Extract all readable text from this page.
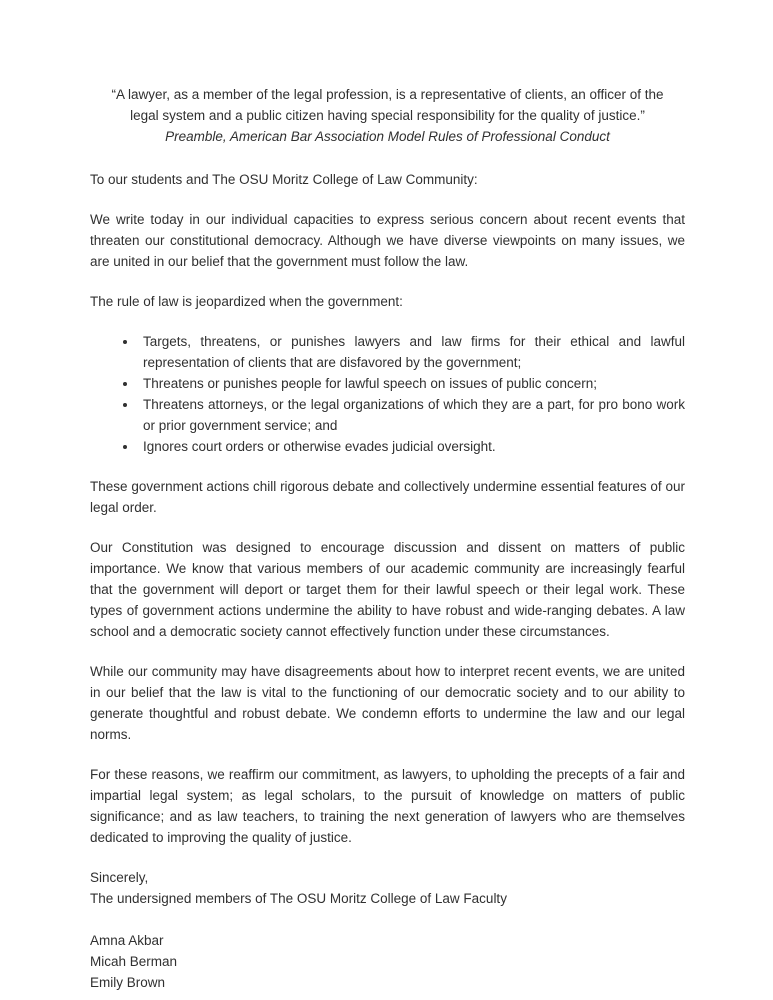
“A lawyer, as a member of the legal profession, is a representative of clients, an officer of the
legal system and a public citizen having special responsibility for the quality of justice.”
Preamble, American Bar Association Model Rules of Professional Conduct

To our students and The OSU Moritz College of Law Community:

We write today in our individual capacities to express serious concern about recent events that threaten our constitutional democracy. Although we have diverse viewpoints on many issues, we are united in our belief that the government must follow the law.

The rule of law is jeopardized when the government:

• Targets, threatens, or punishes lawyers and law firms for their ethical and lawful representation of clients that are disfavored by the government;
• Threatens or punishes people for lawful speech on issues of public concern;
• Threatens attorneys, or the legal organizations of which they are a part, for pro bono work or prior government service; and
• Ignores court orders or otherwise evades judicial oversight.

These government actions chill rigorous debate and collectively undermine essential features of our legal order.

Our Constitution was designed to encourage discussion and dissent on matters of public importance. We know that various members of our academic community are increasingly fearful that the government will deport or target them for their lawful speech or their legal work. These types of government actions undermine the ability to have robust and wide-ranging debates. A law school and a democratic society cannot effectively function under these circumstances.

While our community may have disagreements about how to interpret recent events, we are united in our belief that the law is vital to the functioning of our democratic society and to our ability to generate thoughtful and robust debate. We condemn efforts to undermine the law and our legal norms.

For these reasons, we reaffirm our commitment, as lawyers, to upholding the precepts of a fair and impartial legal system; as legal scholars, to the pursuit of knowledge on matters of public significance; and as law teachers, to training the next generation of lawyers who are themselves dedicated to improving the quality of justice.

Sincerely,
The undersigned members of The OSU Moritz College of Law Faculty
Amna Akbar
Micah Berman
Emily Brown
